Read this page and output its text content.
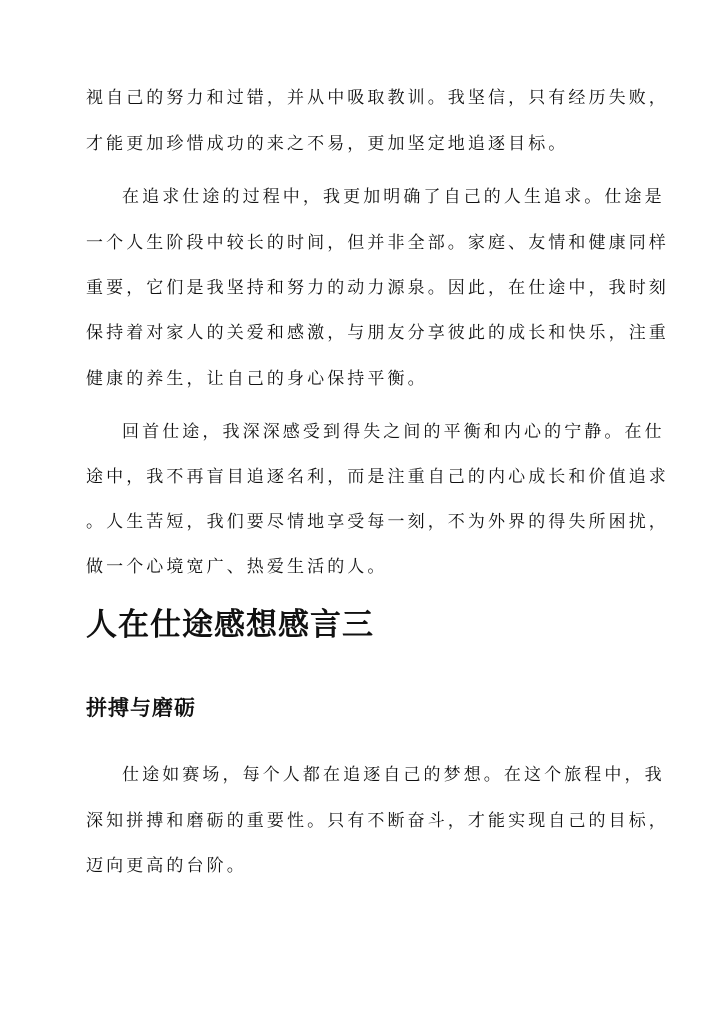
视自己的努力和过错，并从中吸取教训。我坚信，只有经历失败，
才能更加珍惜成功的来之不易，更加坚定地追逐目标。
在追求仕途的过程中，我更加明确了自己的人生追求。仕途是
一个人生阶段中较长的时间，但并非全部。家庭、友情和健康同样
重要，它们是我坚持和努力的动力源泉。因此，在仕途中，我时刻
保持着对家人的关爱和感激，与朋友分享彼此的成长和快乐，注重
健康的养生，让自己的身心保持平衡。
回首仕途，我深深感受到得失之间的平衡和内心的宁静。在仕
途中，我不再盲目追逐名利，而是注重自己的内心成长和价值追求
。人生苦短，我们要尽情地享受每一刻，不为外界的得失所困扰，
做一个心境宽广、热爱生活的人。
人在仕途感想感言三
拼搏与磨砺
仕途如赛场，每个人都在追逐自己的梦想。在这个旅程中，我
深知拼搏和磨砺的重要性。只有不断奋斗，才能实现自己的目标，
迈向更高的台阶。
